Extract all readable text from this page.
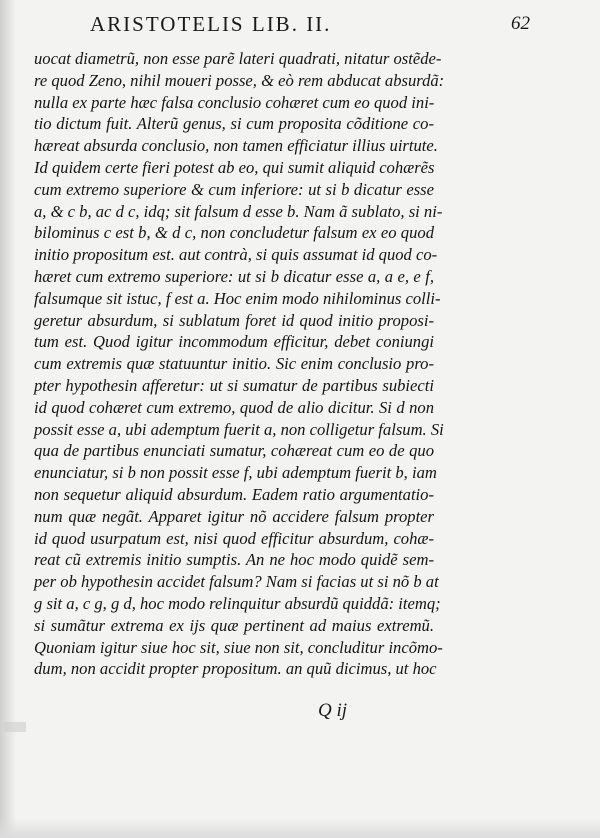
ARISTOTELIS LIB. II.	62
uocat diametrũ, non esse parẽ lateri quadrati, nitatur ostẽde-
re quod Zeno, nihil moueri posse, & eò rem abducat absurdã:
nulla ex parte hæc falsa conclusio cohæret cum eo quod ini-
tio dictum fuit. Alterũ genus, si cum proposita cõditione co-
hæreat absurda conclusio, non tamen efficiatur illius uirtute.
Id quidem certe fieri potest ab eo, qui sumit aliquid cohærẽs
cum extremo superiore & cum inferiore: ut si b dicatur esse
a, & c b, ac d c, idq; sit falsum d esse b. Nam ã sublato, si ni-
bilominus c est b, & d c, non concludetur falsum ex eo quod
initio propositum est. aut contrà, si quis assumat id quod co-
hæret cum extremo superiore: ut si b dicatur esse a, a e, e f,
falsumque sit istuc, f est a. Hoc enim modo nihilominus colli-
geretur absurdum, si sublatum foret id quod initio proposi-
tum est. Quod igitur incommodum efficitur, debet coniungi
cum extremis quæ statuuntur initio. Sic enim conclusio pro-
pter hypothesin afferetur: ut si sumatur de partibus subiecti
id quod cohæret cum extremo, quod de alio dicitur. Si d non
possit esse a, ubi ademptum fuerit a, non colligetur falsum. Si
qua de partibus enunciati sumatur, cohæreat cum eo de quo
enunciatur, si b non possit esse f, ubi ademptum fuerit b, iam
non sequetur aliquid absurdum. Eadem ratio argumentatio-
num quæ negãt. Apparet igitur nõ accidere falsum propter
id quod usurpatum est, nisi quod efficitur absurdum, cohæ-
reat cũ extremis initio sumptis. An ne hoc modo quidẽ sem-
per ob hypothesin accidet falsum? Nam si facias ut si nõ b at
g sit a, c g, g d, hoc modo relinquitur absurdũ quiddã: itemq;
si sumãtur extrema ex ijs quæ pertinent ad maius extremũ.
Quoniam igitur siue hoc sit, siue non sit, concluditur incõmo-
dum, non accidit propter propositum. an quũ dicimus, ut hoc
Q ij
